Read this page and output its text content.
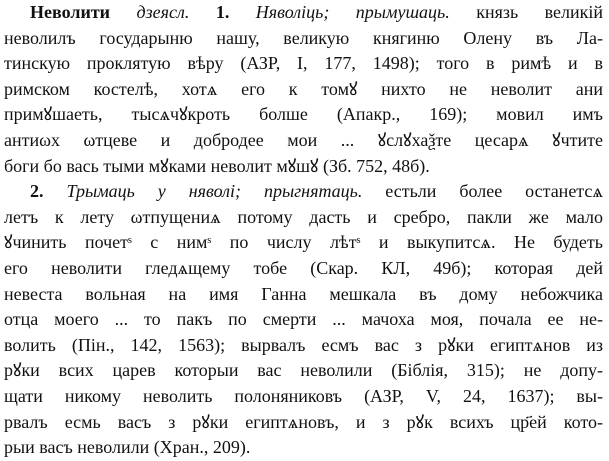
Неволити дзеясл. 1. Няволіць; прымушаць. князь великій
неволилъ государыню нашу, великую княгиню Олену въ Ла-
тинскую проклятую вѣру (АЗР, I, 177, 1498); того в римѣ и в
римском костелѣ, хотѧ его к томꙋ нихто не неволит ани
примꙋшаеть, тысѧчꙋкроть болше (Апакр., 169); мовил имъ
антиωх ωтцеве и добродее мои ... ꙋслꙋхаѯте цесарѧ ꙋчтите
боги бо вась тыми мꙋками неволит мꙋшꙋ (Зб. 752, 48б).
2. Трымаць у няволі; прыгнятаць. естьли более останетсѧ
летъ к лету ωтпущениѧ потому дасть и сребро, пакли же мало
ꙋчинить почетˢ с нимˢ по числу лѣтˢ и выкупитсѧ. Не будеть
его неволити гледѧщему тобе (Скар. КЛ, 49б); которая дей
невеста вольная на имя Ганна мешкала въ дому небожчика
отца моего ... то пакъ по смерти ... мачоха моя, почала ее не-
волить (Пін., 142, 1563); вырвалъ есмъ вас з рꙋки египтѧнов из
рꙋки всих царев которыи вас неволили (Біблія, 315); не допу-
щати никому неволить полоняниковъ (АЗР, V, 24, 1637); вы-
рвалъ есмь васъ з рꙋки египтѧновъ, и з рꙋк всихъ цр҃ей кото-
рыи васъ неволили (Хран., 209).
